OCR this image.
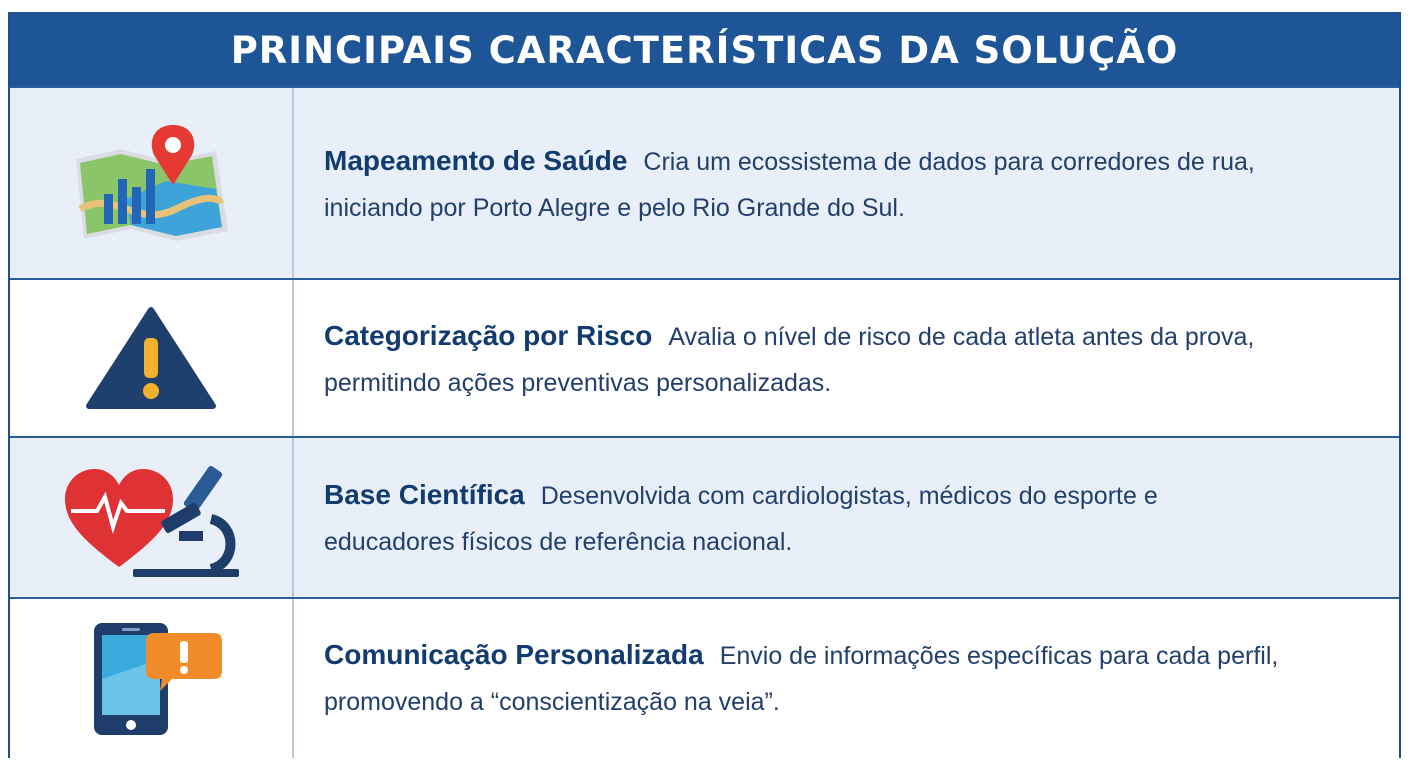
PRINCIPAIS CARACTERÍSTICAS DA SOLUÇÃO

Mapeamento de Saúde Cria um ecossistema de dados para corredores de rua,
iniciando por Porto Alegre e pelo Rio Grande do Sul.

Categorização por Risco Avalia o nível de risco de cada atleta antes da prova,
permitindo ações preventivas personalizadas.

Base Científica Desenvolvida com cardiologistas, médicos do esporte e
educadores físicos de referência nacional.

Comunicação Personalizada Envio de informações específicas para cada perfil,
promovendo a “conscientização na veia”.
